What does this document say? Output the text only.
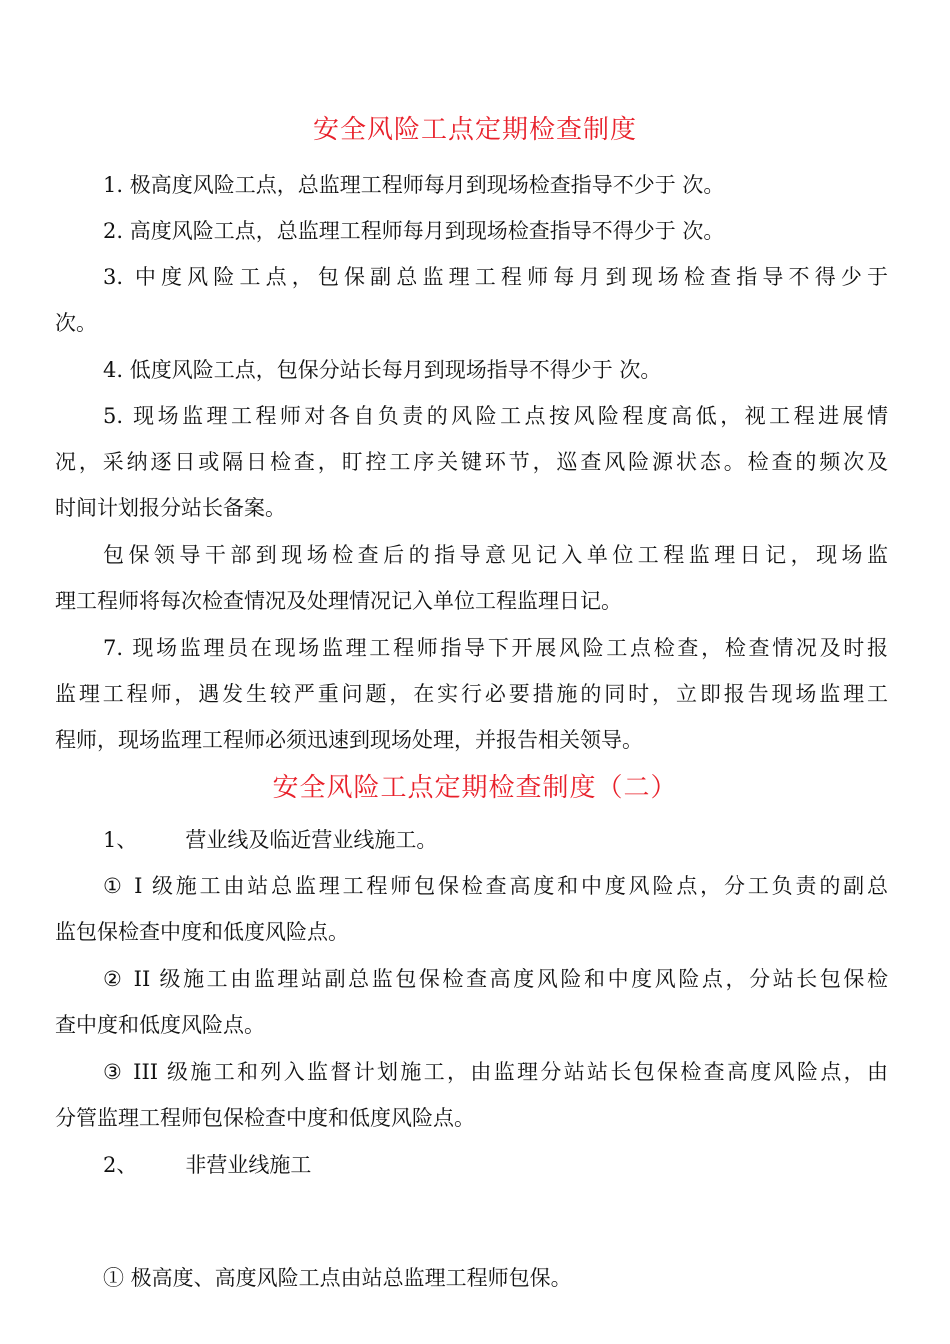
安全风险工点定期检查制度
1. 极高度风险工点，总监理工程师每月到现场检查指导不少于 次。
2. 高度风险工点，总监理工程师每月到现场检查指导不得少于 次。
3. 中度风险工点，包保副总监理工程师每月到现场检查指导不得少于
次。
4. 低度风险工点，包保分站长每月到现场指导不得少于 次。
5. 现场监理工程师对各自负责的风险工点按风险程度高低，视工程进展情
况，采纳逐日或隔日检查，盯控工序关键环节，巡查风险源状态。检查的频次及
时间计划报分站长备案。
包保领导干部到现场检查后的指导意见记入单位工程监理日记，现场监
理工程师将每次检查情况及处理情况记入单位工程监理日记。
7. 现场监理员在现场监理工程师指导下开展风险工点检查，检查情况及时报
监理工程师，遇发生较严重问题，在实行必要措施的同时，立即报告现场监理工
程师，现场监理工程师必须迅速到现场处理，并报告相关领导。
安全风险工点定期检查制度（二）
1、 营业线及临近营业线施工。
① I 级施工由站总监理工程师包保检查高度和中度风险点，分工负责的副总
监包保检查中度和低度风险点。
② II 级施工由监理站副总监包保检查高度风险和中度风险点，分站长包保检
查中度和低度风险点。
③ III 级施工和列入监督计划施工，由监理分站站长包保检查高度风险点，由
分管监理工程师包保检查中度和低度风险点。
2、 非营业线施工
① 极高度、高度风险工点由站总监理工程师包保。
